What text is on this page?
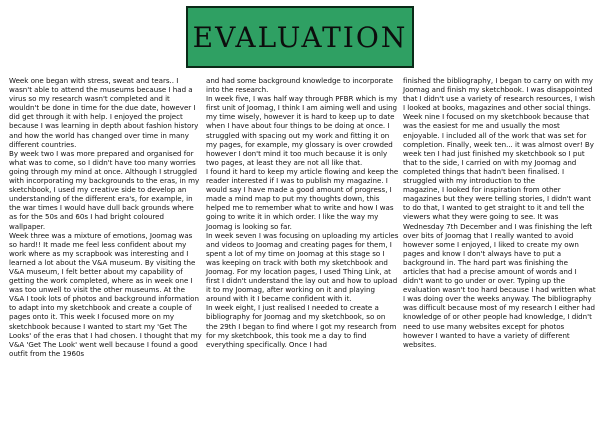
EVALUATION

Week one began with stress, sweat and tears.. I wasn't able to attend the museums because I had a virus so my research wasn't completed and it wouldn't be done in time for the due date, however I did get through it with help. I enjoyed the project because I was learning in depth about fashion history and how the world has changed over time in many different countries.
By week two I was more prepared and organised for what was to come, so I didn't have too many worries going through my mind at once. Although I struggled with incorporating my backgrounds to the eras, in my sketchbook, I used my creative side to develop an understanding of the different era's, for example, in the war times I would have dull back grounds where as for the 50s and 60s I had bright coloured wallpaper.
Week three was a mixture of emotions, Joomag was so hard!! It made me feel less confident about my work where as my scrapbook was interesting and I learned a lot about the V&A museum. By visiting the V&A museum, I felt better about my capability of getting the work completed, where as in week one I was too unwell to visit the other museums. At the V&A I took lots of photos and background information to adapt into my sketchbook and create a couple of pages onto it. This week I focused more on my sketchbook because I wanted to start my 'Get The Looks' of the eras that I had chosen. I thought that my V&A 'Get The Look' went well because I found a good outfit from the 1960s

and had some background knowledge to incorporate into the research.
In week five, I was half way through PFBR which is my first unit of Joomag, I think I am aiming well and using my time wisely, however it is hard to keep up to date when I have about four things to be doing at once. I struggled with spacing out my work and fitting it on my pages, for example, my glossary is over crowded however I don't mind it too much because it is only two pages, at least they are not all like that.
I found it hard to keep my article flowing and keep the reader interested if I was to publish my magazine. I would say I have made a good amount of progress, I made a mind map to put my thoughts down, this helped me to remember what to write and how I was going to write it in which order. I like the way my Joomag is looking so far.
In week seven I was focusing on uploading my articles and videos to Joomag and creating pages for them, I spent a lot of my time on Joomag at this stage so I was keeping on track with both my sketchbook and Joomag. For my location pages, I used Thing Link, at first I didn't understand the lay out and how to upload it to my Joomag, after working on it and playing around with it I became confident with it.
In week eight, I just realised I needed to create a bibliography for Joomag and my sketchbook, so on the 29th I began to find where I got my research from for my sketchbook, this took me a day to find everything specifically. Once I had

finished the bibliography, I began to carry on with my Joomag and finish my sketchbook. I was disappointed that I didn't use a variety of research resources, I wish I looked at books, magazines and other social things.
Week nine I focused on my sketchbook because that was the easiest for me and usually the most enjoyable. I included all of the work that was set for completion. Finally, week ten... it was almost over! By week ten I had just finished my sketchbook so I put that to the side, I carried on with my Joomag and completed things that hadn't been finalised. I struggled with my introduction to the
magazine, I looked for inspiration from other magazines but they were telling stories, I didn't want to do that, I wanted to get straight to it and tell the viewers what they were going to see. It was Wednesday 7th December and I was finishing the left over bits of Joomag that I really wanted to avoid however some I enjoyed, I liked to create my own pages and know I don't always have to put a background in. The hard part was finishing the articles that had a precise amount of words and I didn't want to go under or over. Typing up the evaluation wasn't too hard because I had written what I was doing over the weeks anyway. The bibliography was difficult because most of my research I either had knowledge of or other people had knowledge, I didn't need to use many websites except for photos however I wanted to have a variety of different websites.
